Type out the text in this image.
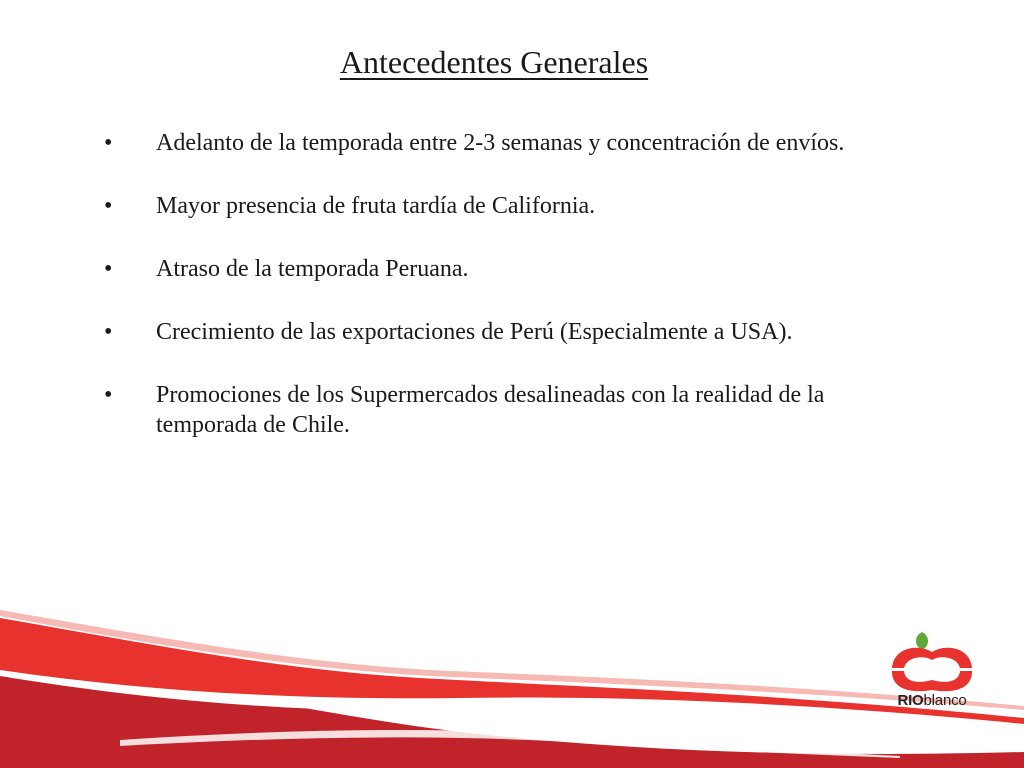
Antecedentes Generales
•	Adelanto de la temporada entre 2-3 semanas y concentración de envíos.
•	Mayor presencia de fruta tardía de California.
•	Atraso de la temporada Peruana.
•	Crecimiento de las exportaciones de Perú (Especialmente a USA).
•	Promociones de los Supermercados desalineadas con la realidad de la temporada de Chile.
RIOblanco
